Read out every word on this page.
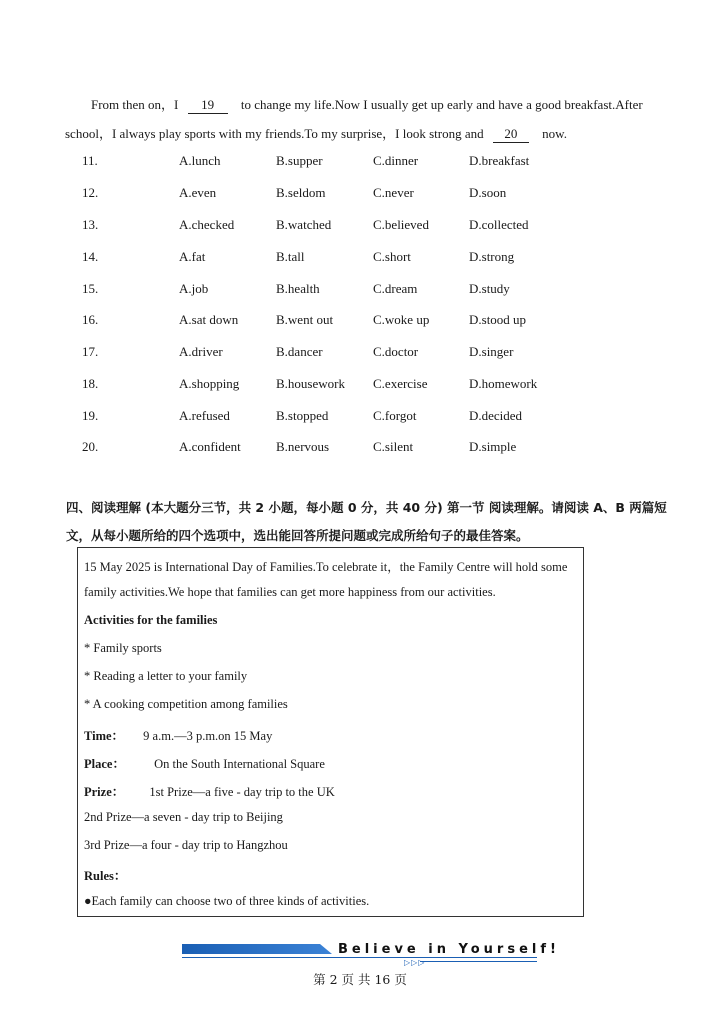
From then on，I 19 to change my life.Now I usually get up early and have a good breakfast.After
school，I always play sports with my friends.To my surprise，I look strong and 20 now.
11.	A.lunch	B.supper	C.dinner	D.breakfast
12.	A.even	B.seldom	C.never	D.soon
13.	A.checked	B.watched	C.believed	D.collected
14.	A.fat	B.tall	C.short	D.strong
15.	A.job	B.health	C.dream	D.study
16.	A.sat down	B.went out	C.woke up	D.stood up
17.	A.driver	B.dancer	C.doctor	D.singer
18.	A.shopping	B.housework C.exercise	D.homework
19.	A.refused	B.stopped	C.forgot	D.decided
20.	A.confident	B.nervous	C.silent	D.simple
四、阅读理解 (本大题分三节，共 2 小题，每小题 0 分，共 40 分) 第一节 阅读理解。请阅读 A、B 两篇短
文，从每小题所给的四个选项中，选出能回答所提问题或完成所给句子的最佳答案。
15 May 2025 is International Day of Families.To celebrate it，the Family Centre will hold some
family activities.We hope that families can get more happiness from our activities.
Activities for the families
* Family sports
* Reading a letter to your family
* A cooking competition among families
Time： 9 a.m.—3 p.m.on 15 May
Place： On the South International Square
Prize： 1st Prize—a five - day trip to the UK
2nd Prize—a seven - day trip to Beijing
3rd Prize—a four - day trip to Hangzhou
Rules：
●Each family can choose two of three kinds of activities.
Believe in Yourself!
▷▷▷
第 2 页 共 16 页
